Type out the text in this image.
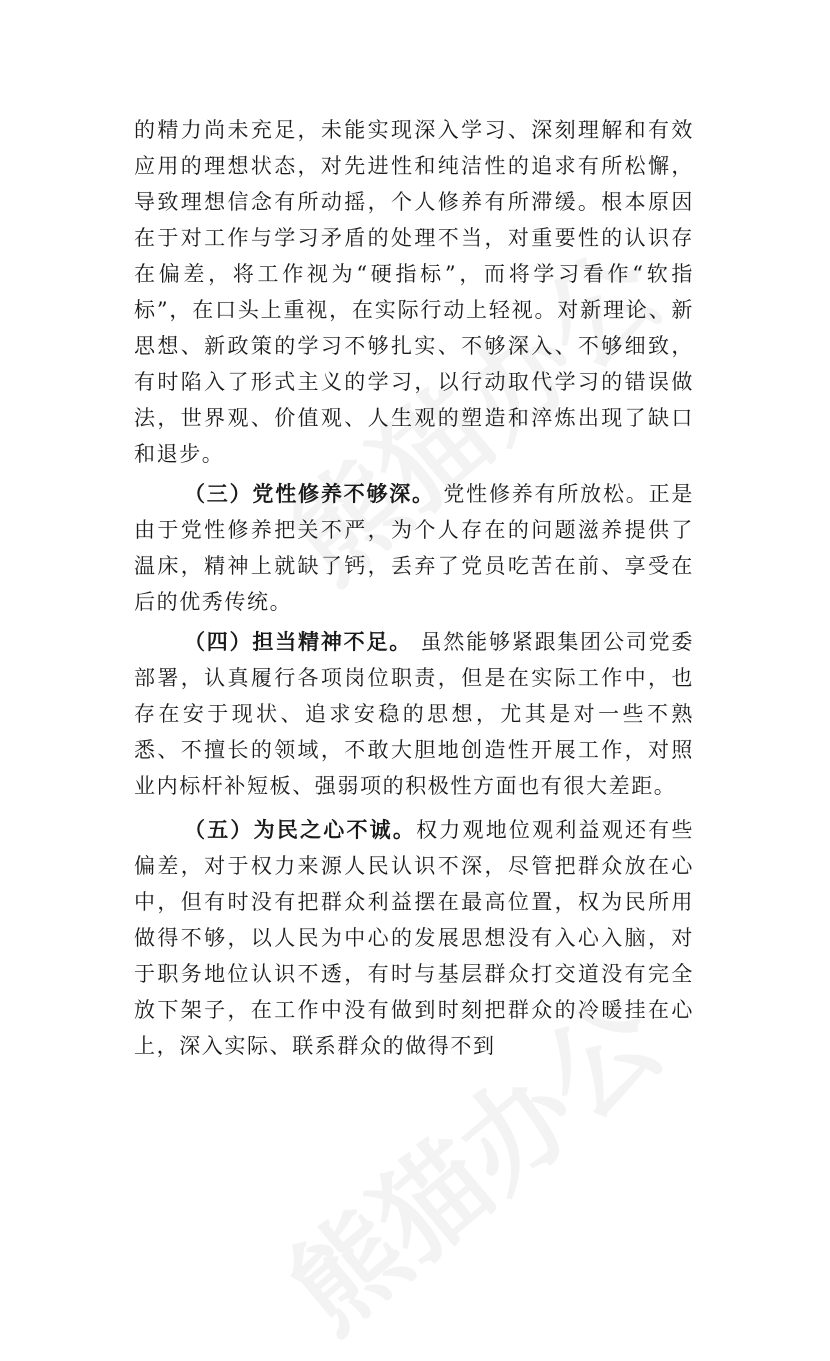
的精力尚未充足，未能实现深入学习、深刻理解和有效应用的理想状态，对先进性和纯洁性的追求有所松懈，导致理想信念有所动摇，个人修养有所滞缓。根本原因在于对工作与学习矛盾的处理不当，对重要性的认识存在偏差，将工作视为“硬指标”，而将学习看作“软指标”，在口头上重视，在实际行动上轻视。对新理论、新思想、新政策的学习不够扎实、不够深入、不够细致，有时陷入了形式主义的学习，以行动取代学习的错误做法，世界观、价值观、人生观的塑造和淬炼出现了缺口和退步。

（三）党性修养不够深。 党性修养有所放松。正是由于党性修养把关不严，为个人存在的问题滋养提供了温床，精神上就缺了钙，丢弃了党员吃苦在前、享受在后的优秀传统。

（四）担当精神不足。 虽然能够紧跟集团公司党委部署，认真履行各项岗位职责，但是在实际工作中，也存在安于现状、追求安稳的思想，尤其是对一些不熟悉、不擅长的领域，不敢大胆地创造性开展工作，对照业内标杆补短板、强弱项的积极性方面也有很大差距。

（五）为民之心不诚。权力观地位观利益观还有些偏差，对于权力来源人民认识不深，尽管把群众放在心中，但有时没有把群众利益摆在最高位置，权为民所用做得不够，以人民为中心的发展思想没有入心入脑，对于职务地位认识不透，有时与基层群众打交道没有完全放下架子，在工作中没有做到时刻把群众的冷暖挂在心上，深入实际、联系群众的做得不到
